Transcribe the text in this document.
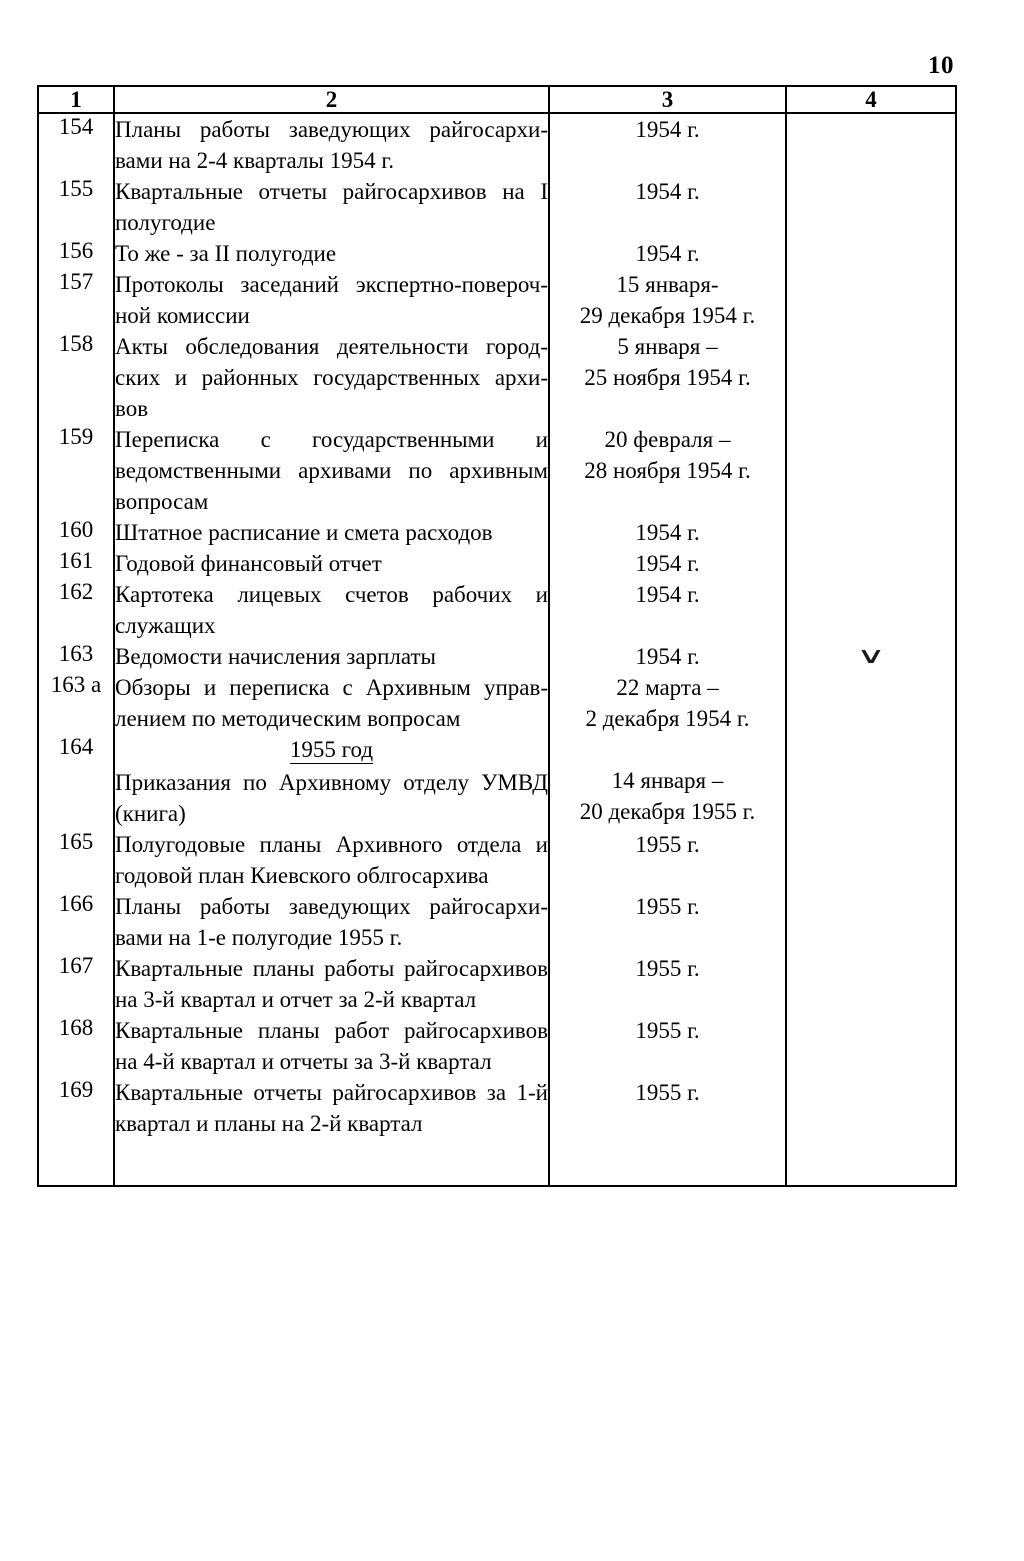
10
1	2	3	4
154	Планы работы заведующих райгосархи-
вами на 2-4 кварталы 1954 г.	1954 г.	

155	Квартальные отчеты райгосархивов на I
полугодие	1954 г.	

156	То же - за II полугодие	1954 г.	

157	Протоколы заседаний экспертно-повероч-
ной комиссии	15 января-
29 декабря 1954 г.	

158	Акты обследования деятельности город-
ских и районных государственных архи-
вов	5 января –
25 ноября 1954 г.	

159	Переписка с государственными и
ведомственными архивами по архивным
вопросам	20 февраля –
28 ноября 1954 г.	

160	Штатное расписание и смета расходов	1954 г.	

161	Годовой финансовый отчет	1954 г.	

162	Картотека лицевых счетов рабочих и
служащих	1954 г.	

163	Ведомости начисления зарплаты	1954 г.	∨
163 а	Обзоры и переписка с Архивным управ-
лением по методическим вопросам	22 марта –
2 декабря 1954 г.	

164	1955 год
Приказания по Архивному отделу УМВД
(книга)	14 января –
20 декабря 1955 г.	

165	Полугодовые планы Архивного отдела и
годовой план Киевского облгосархива	1955 г.	

166	Планы работы заведующих райгосархи-
вами на 1-е полугодие 1955 г.	1955 г.	

167	Квартальные планы работы райгосархивов
на 3-й квартал и отчет за 2-й квартал	1955 г.	

168	Квартальные планы работ райгосархивов
на 4-й квартал и отчеты за 3-й квартал	1955 г.	

169	Квартальные отчеты райгосархивов за 1-й
квартал и планы на 2-й квартал	1955 г.	
